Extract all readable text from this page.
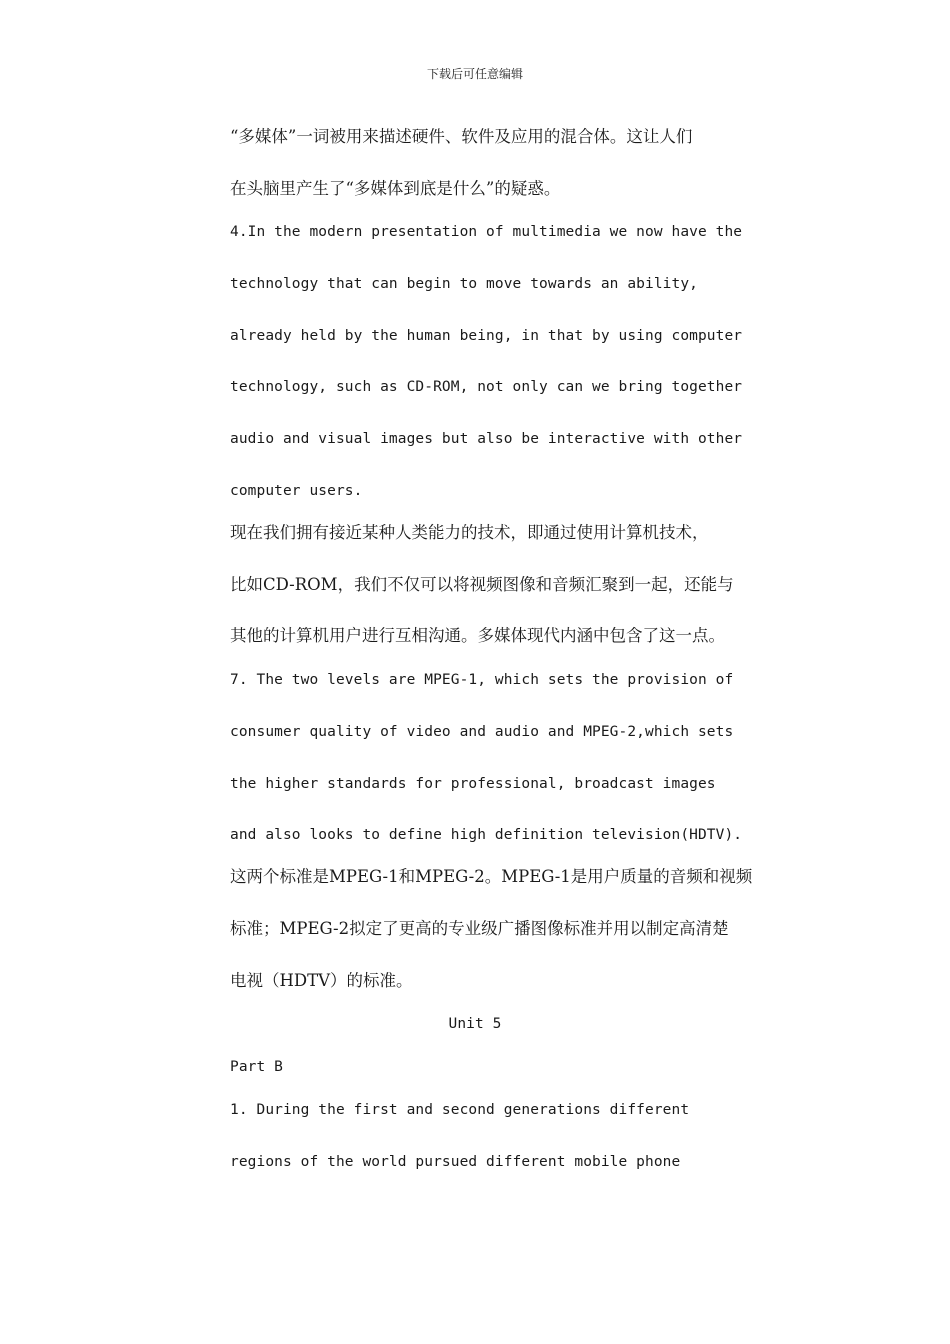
下载后可任意编辑
“多媒体”一词被用来描述硬件、软件及应用的混合体。这让人们
在头脑里产生了“多媒体到底是什么”的疑惑。
4.In the modern presentation of multimedia we now have the
technology that can begin to move towards an ability,
already held by the human being, in that by using computer
technology, such as CD-ROM, not only can we bring together
audio and visual images but also be interactive with other
computer users.
现在我们拥有接近某种人类能力的技术，即通过使用计算机技术，
比如CD-ROM，我们不仅可以将视频图像和音频汇聚到一起，还能与
其他的计算机用户进行互相沟通。多媒体现代内涵中包含了这一点。
7. The two levels are MPEG-1, which sets the provision of
consumer quality of video and audio and MPEG-2,which sets
the higher standards for professional, broadcast images
and also looks to define high definition television(HDTV).
这两个标准是MPEG-1和MPEG-2。MPEG-1是用户质量的音频和视频
标准；MPEG-2拟定了更高的专业级广播图像标准并用以制定高清楚
电视（HDTV）的标准。
Unit 5
Part B
1. During the first and second generations different
regions of the world pursued different mobile phone
